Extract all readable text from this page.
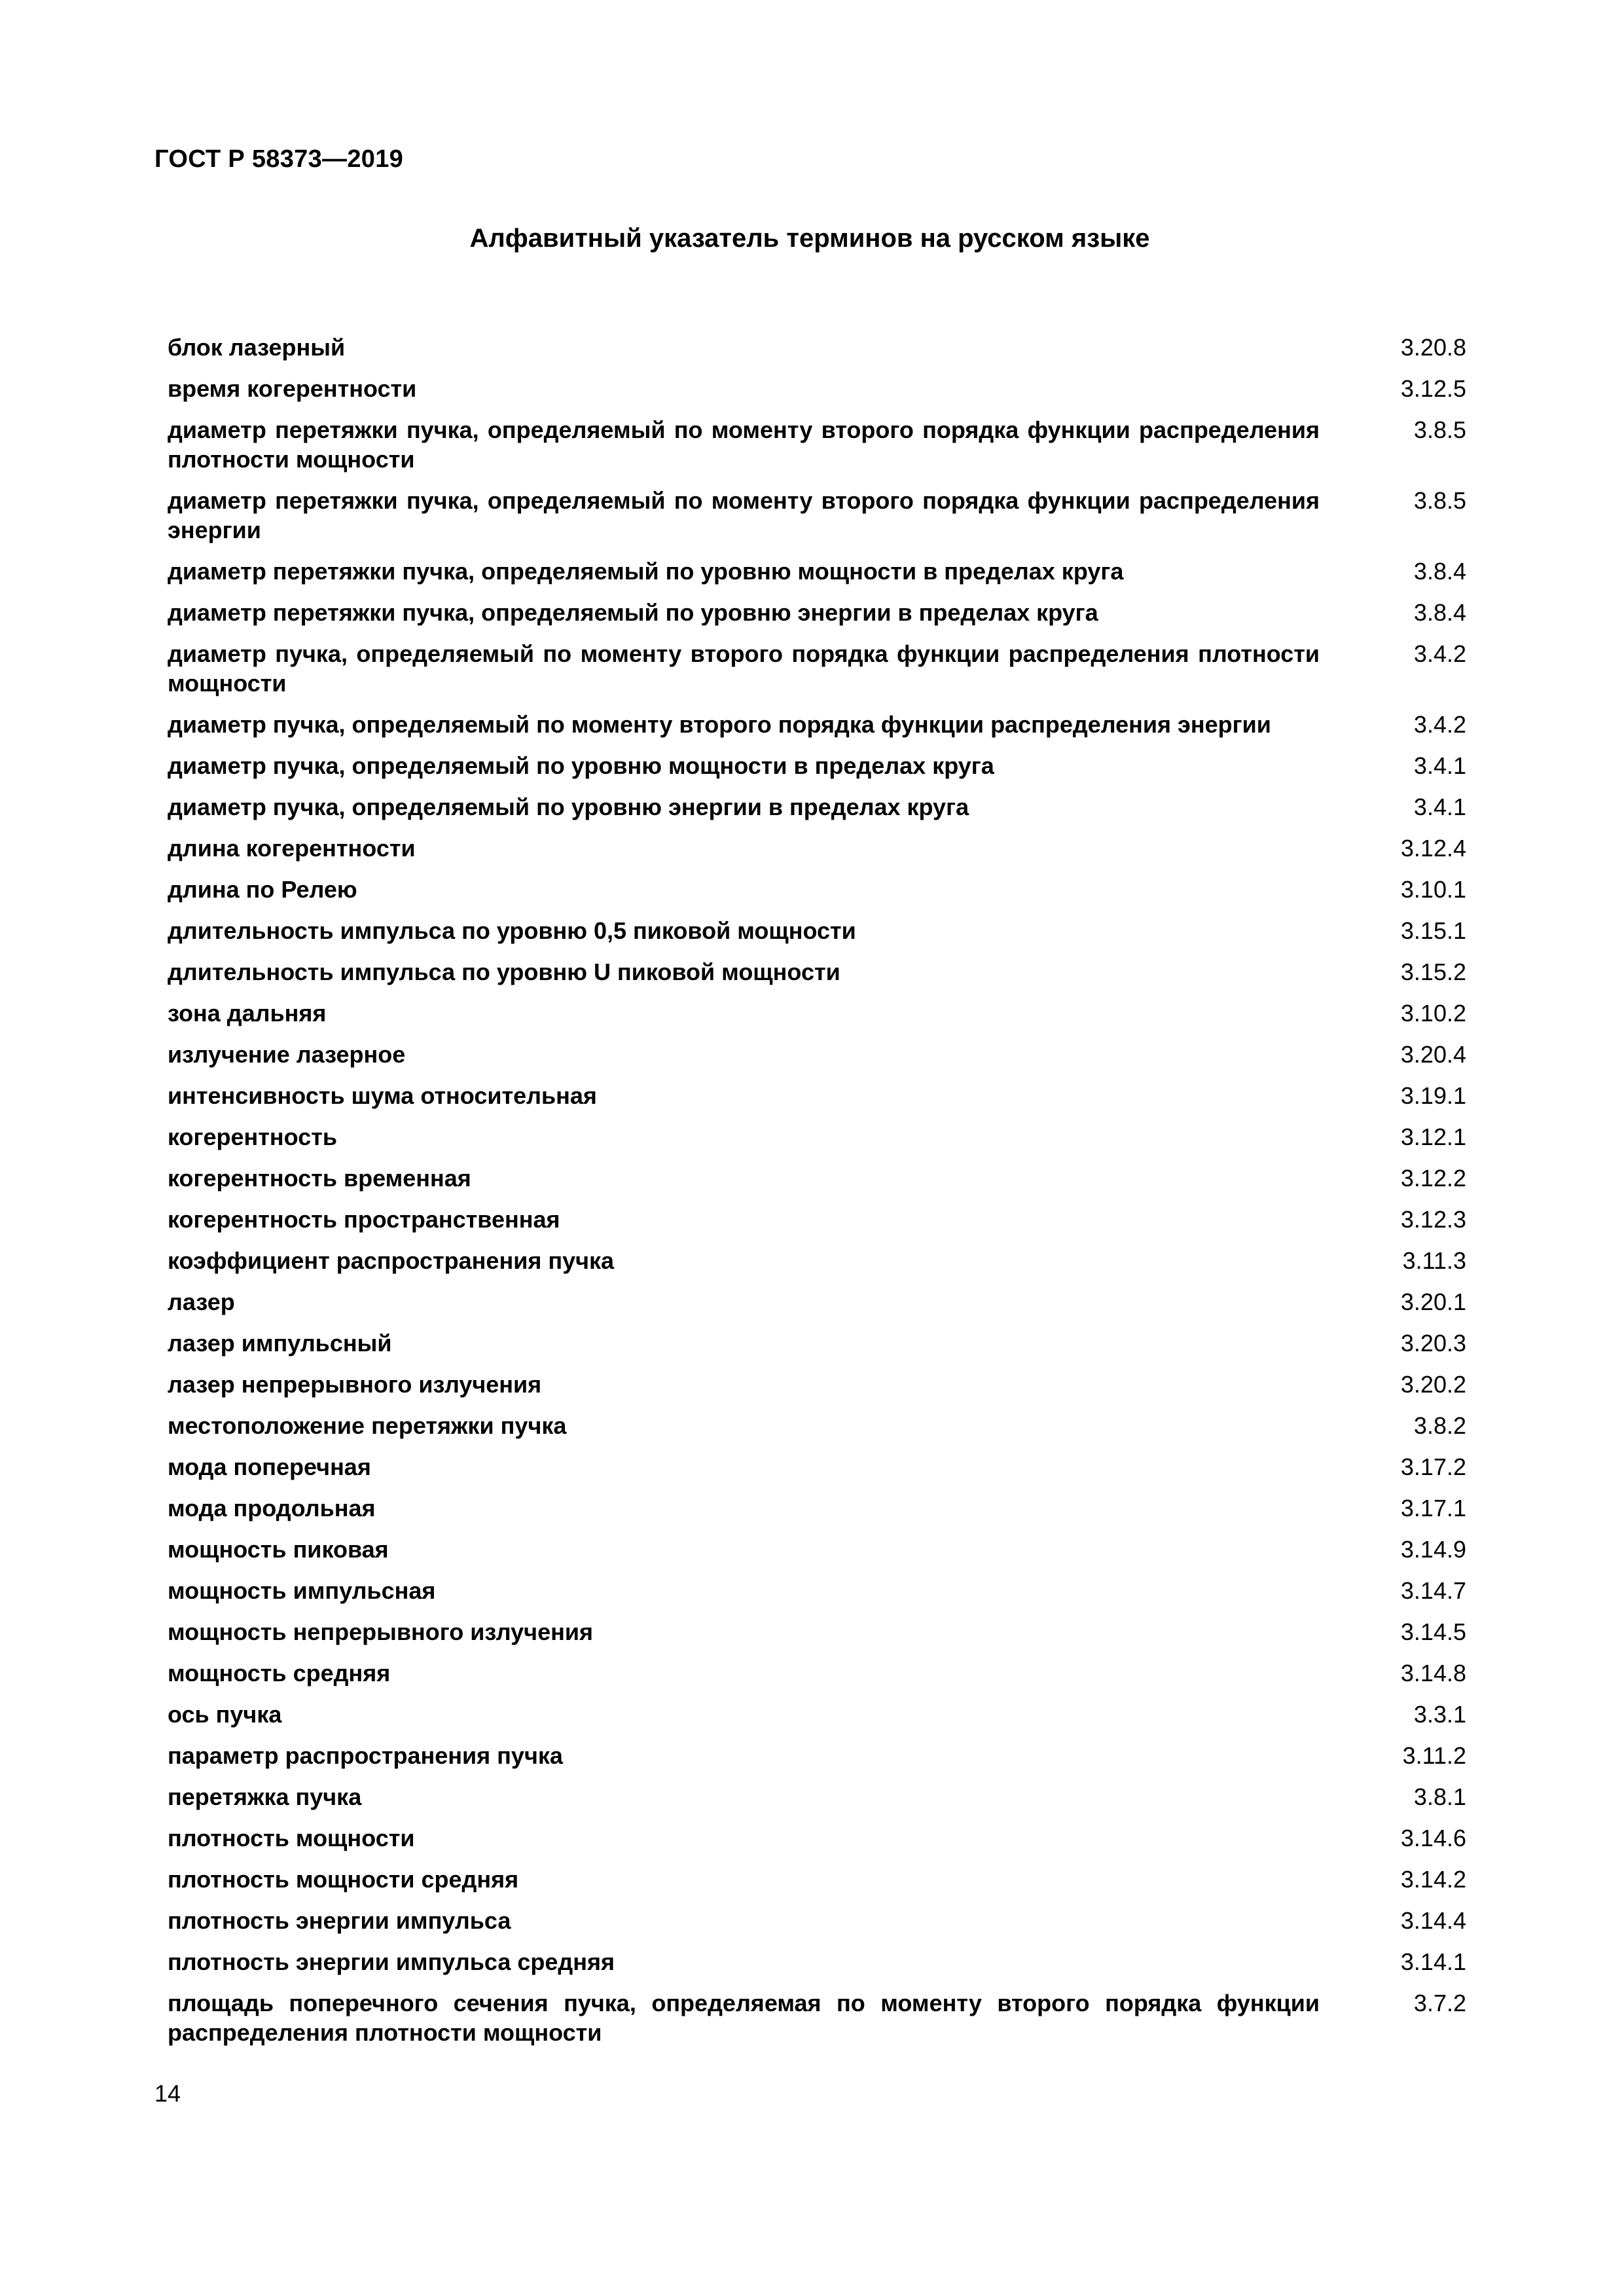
ГОСТ Р 58373—2019
Алфавитный указатель терминов на русском языке
блок лазерный	3.20.8
время когерентности	3.12.5
диаметр перетяжки пучка, определяемый по моменту второго порядка функции распределения плотности мощности
3.8.5
диаметр перетяжки пучка, определяемый по моменту второго порядка функции распределения энергии
3.8.5
диаметр перетяжки пучка, определяемый по уровню мощности в пределах круга	3.8.4
диаметр перетяжки пучка, определяемый по уровню энергии в пределах круга	3.8.4
диаметр пучка, определяемый по моменту второго порядка функции распределения плотности мощности
3.4.2
диаметр пучка, определяемый по моменту второго порядка функции распределения энергии	3.4.2
диаметр пучка, определяемый по уровню мощности в пределах круга	3.4.1
диаметр пучка, определяемый по уровню энергии в пределах круга	3.4.1
длина когерентности	3.12.4
длина по Релею	3.10.1
длительность импульса по уровню 0,5 пиковой мощности	3.15.1
длительность импульса по уровню U пиковой мощности	3.15.2
зона дальняя	3.10.2
излучение лазерное	3.20.4
интенсивность шума относительная	3.19.1
когерентность	3.12.1
когерентность временная	3.12.2
когерентность пространственная	3.12.3
коэффициент распространения пучка	3.11.3
лазер	3.20.1
лазер импульсный	3.20.3
лазер непрерывного излучения	3.20.2
местоположение перетяжки пучка	3.8.2
мода поперечная	3.17.2
мода продольная	3.17.1
мощность пиковая	3.14.9
мощность импульсная	3.14.7
мощность непрерывного излучения	3.14.5
мощность средняя	3.14.8
ось пучка	3.3.1
параметр распространения пучка	3.11.2
перетяжка пучка	3.8.1
плотность мощности	3.14.6
плотность мощности средняя	3.14.2
плотность энергии импульса	3.14.4
плотность энергии импульса средняя	3.14.1
площадь поперечного сечения пучка, определяемая по моменту второго порядка функции распределения плотности мощности
3.7.2
14
